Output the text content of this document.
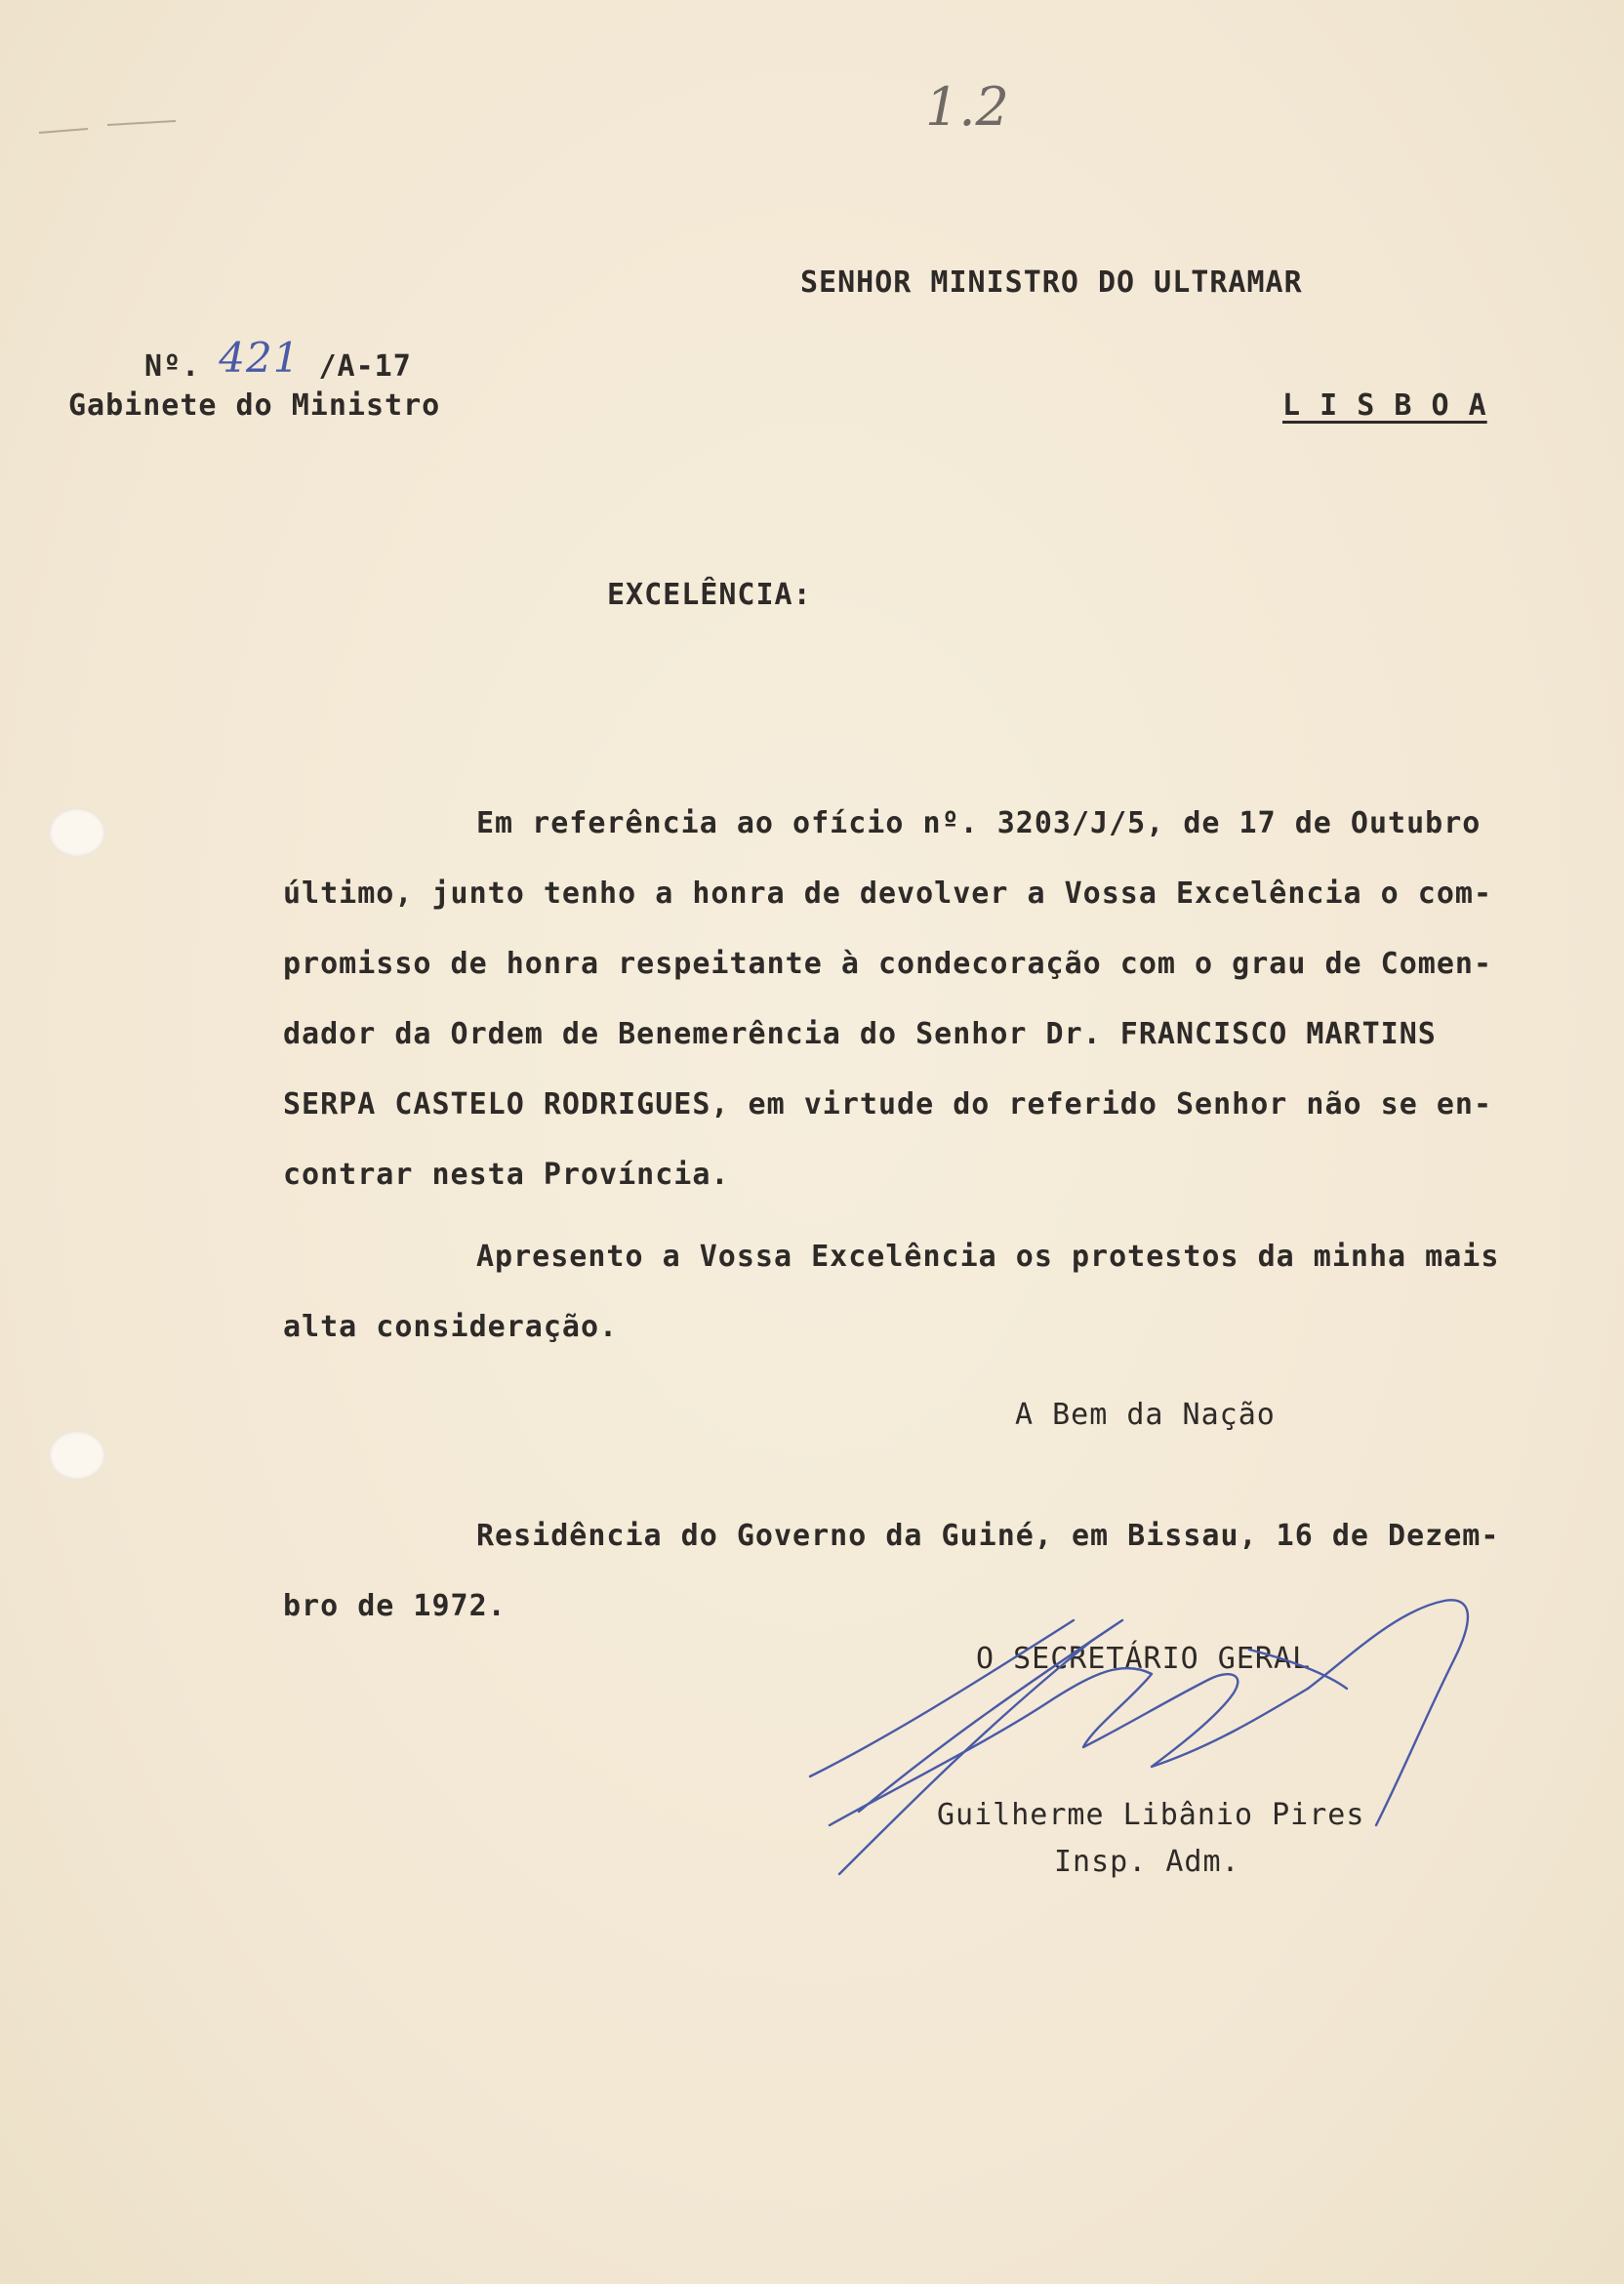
1.2
SENHOR MINISTRO DO ULTRAMAR
Nº. 421 /A-17
Gabinete do Ministro	L I S B O A
EXCELÊNCIA:
Em referência ao ofício nº. 3203/J/5, de 17 de Outubro
último, junto tenho a honra de devolver a Vossa Excelência o com-
promisso de honra respeitante à condecoração com o grau de Comen-
dador da Ordem de Benemerência do Senhor Dr. FRANCISCO MARTINS
SERPA CASTELO RODRIGUES, em virtude do referido Senhor não se en-
contrar nesta Província.
Apresento a Vossa Excelência os protestos da minha mais
alta consideração.
A Bem da Nação
Residência do Governo da Guiné, em Bissau, 16 de Dezem-
bro de 1972.
O SECRETÁRIO GERAL
Guilherme Libânio Pires
Insp. Adm.
